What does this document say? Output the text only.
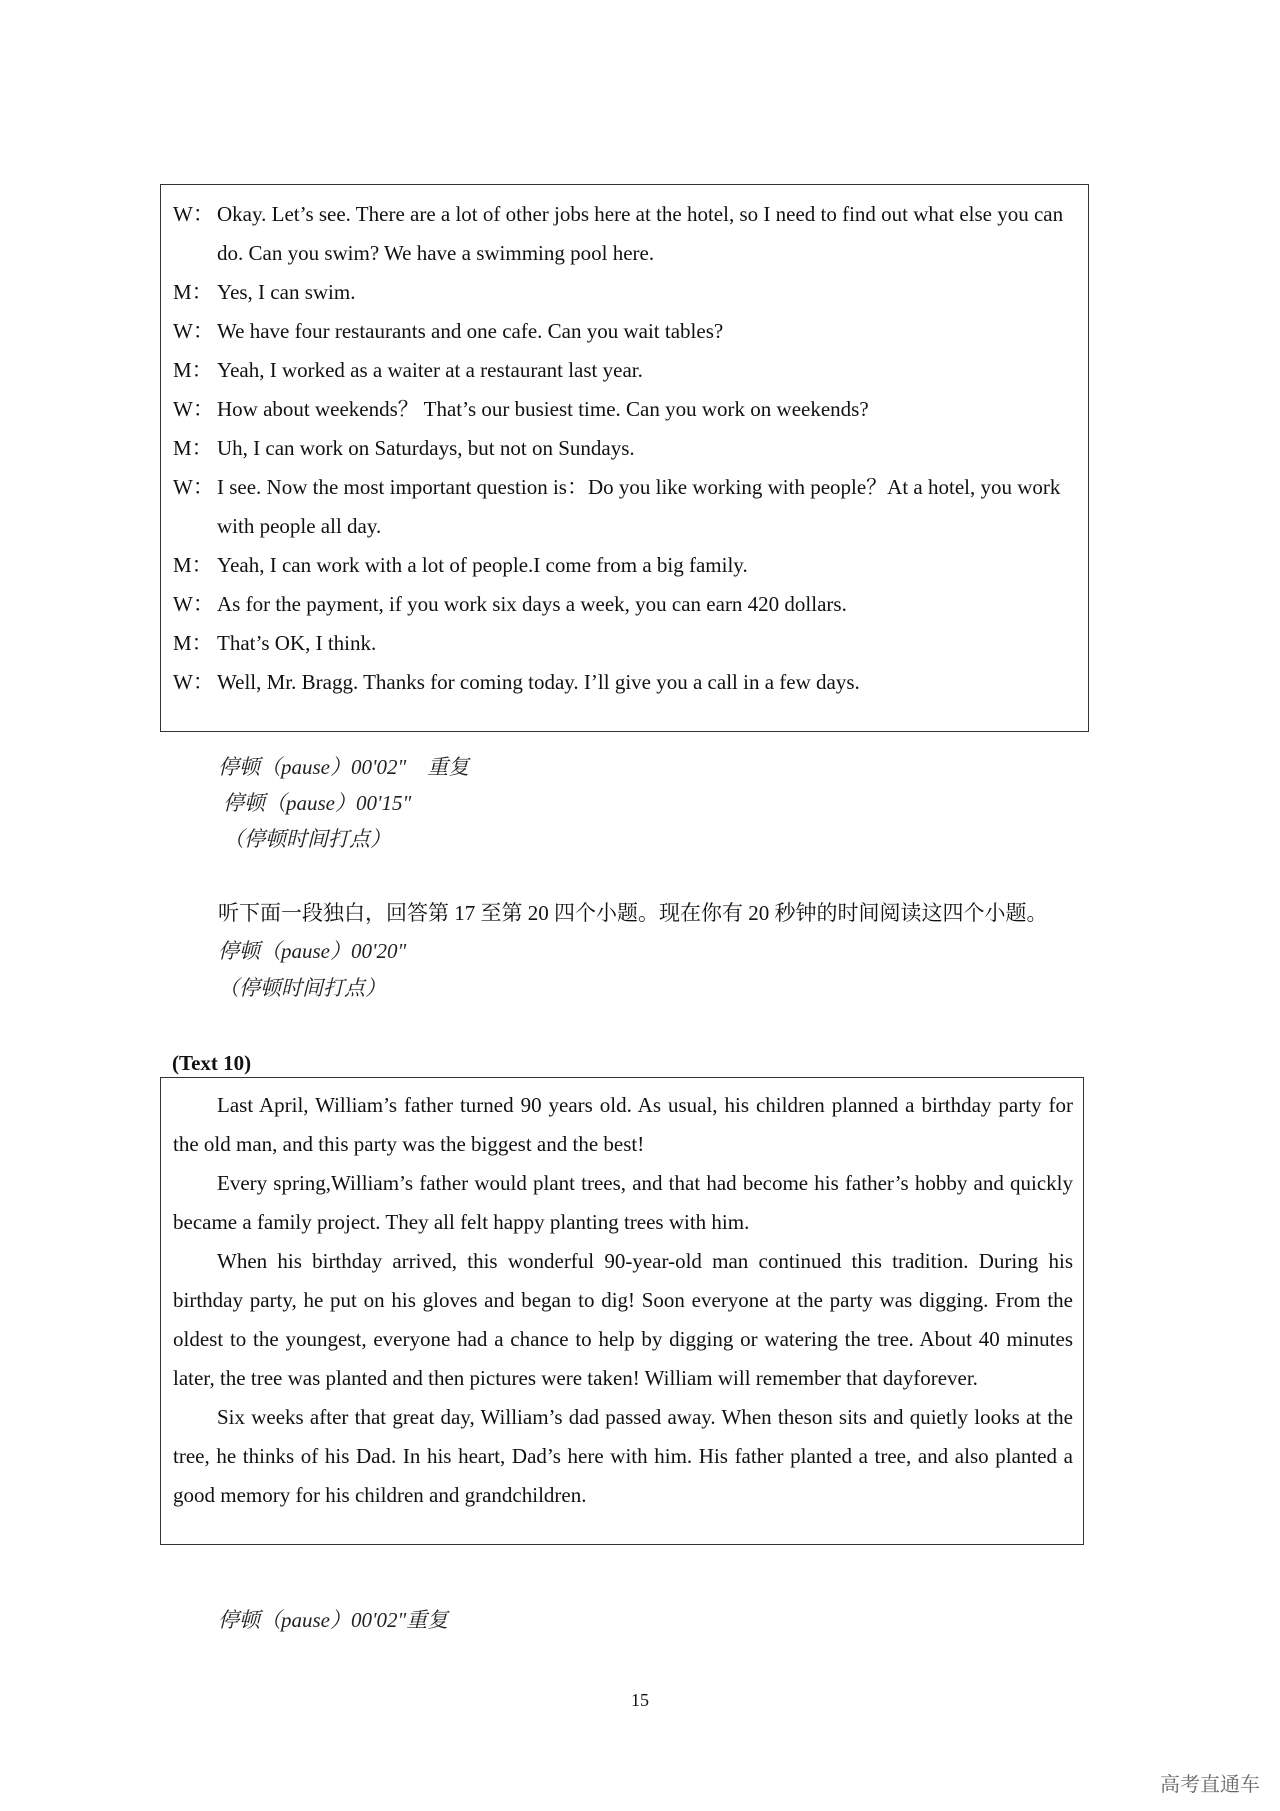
W： Okay. Let’s see. There are a lot of other jobs here at the hotel, so I need to find out what else you can do. Can you swim? We have a swimming pool here.
M： Yes, I can swim.
W： We have four restaurants and one cafe. Can you wait tables?
M： Yeah, I worked as a waiter at a restaurant last year.
W： How about weekends？ That’s our busiest time. Can you work on weekends?
M： Uh, I can work on Saturdays, but not on Sundays.
W： I see. Now the most important question is：Do you like working with people？At a hotel, you work with people all day.
M： Yeah, I can work with a lot of people.I come from a big family.
W： As for the payment, if you work six days a week, you can earn 420 dollars.
M： That’s OK, I think.
W： Well, Mr. Bragg. Thanks for coming today. I’ll give you a call in a few days.
停顿（pause）00'02"　重复
停顿（pause）00'15"
（停顿时间打点）
听下面一段独白，回答第 17 至第 20 四个小题。现在你有 20 秒钟的时间阅读这四个小题。
停顿（pause）00'20"
（停顿时间打点）
(Text 10)

Last April, William’s father turned 90 years old. As usual, his children planned a birthday party for the old man, and this party was the biggest and the best!

Every spring,William’s father would plant trees, and that had become his father’s hobby and quickly became a family project. They all felt happy planting trees with him.

When his birthday arrived, this wonderful 90-year-old man continued this tradition. During his birthday party, he put on his gloves and began to dig! Soon everyone at the party was digging. From the oldest to the youngest, everyone had a chance to help by digging or watering the tree. About 40 minutes later, the tree was planted and then pictures were taken! William will remember that dayforever.

Six weeks after that great day, William’s dad passed away. When theson sits and quietly looks at the tree, he thinks of his Dad. In his heart, Dad’s here with him. His father planted a tree, and also planted a good memory for his children and grandchildren.

停顿（pause）00'02"重复
15
高考直通车
